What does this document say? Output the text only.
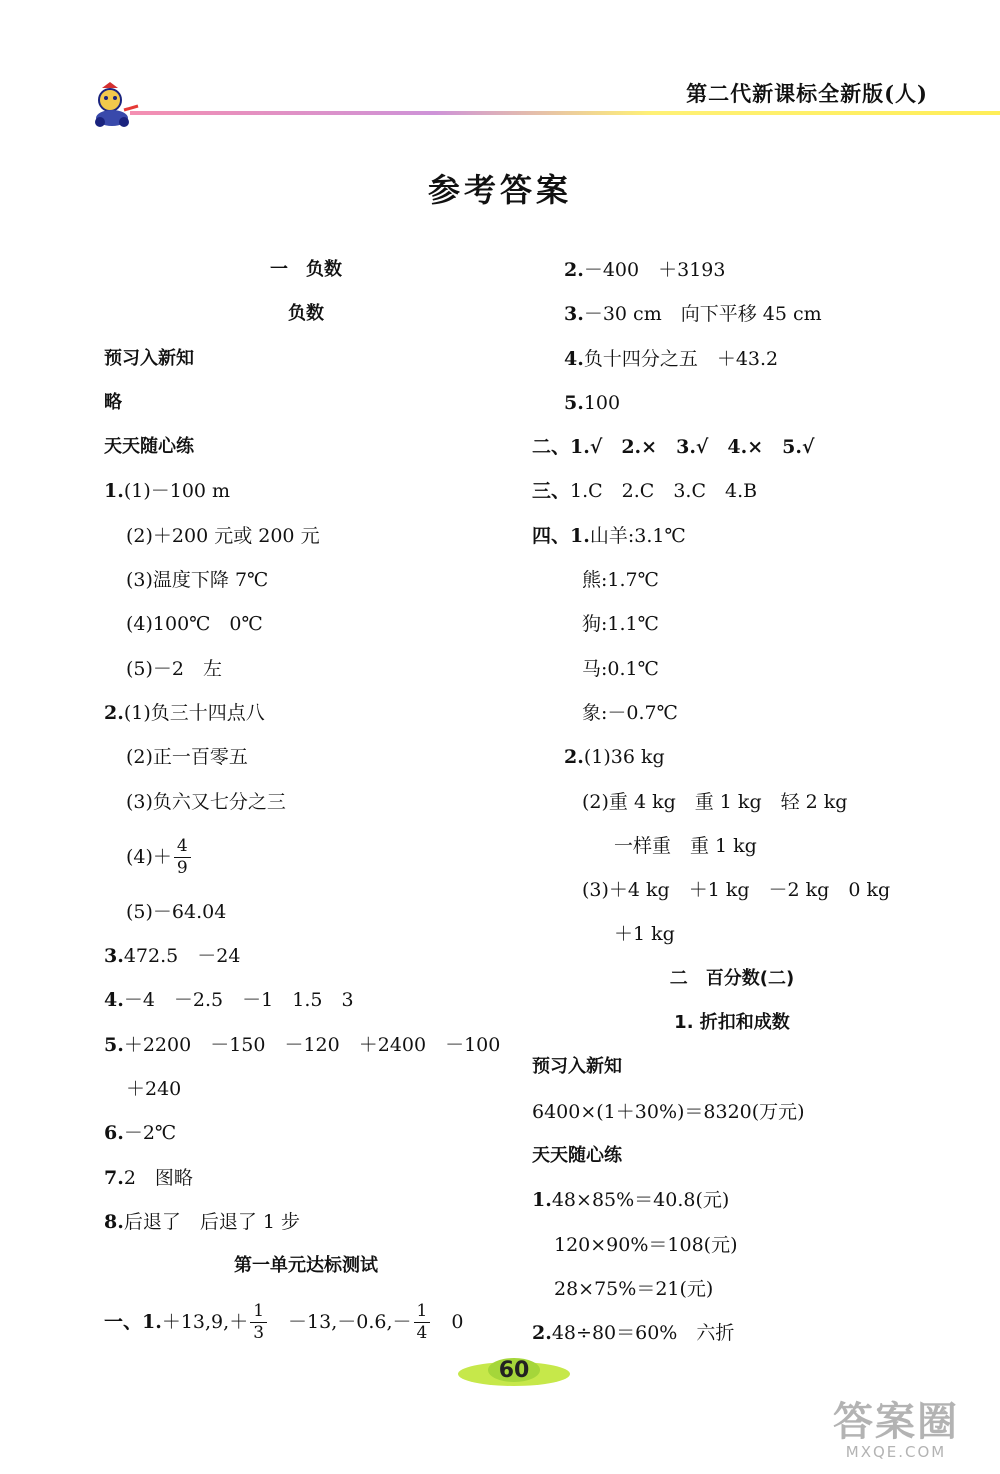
第二代新课标全新版(人)
参考答案
一　负数
负数
预习入新知
略
天天随心练
1.(1)－100 m
(2)＋200 元或 200 元
(3)温度下降 7℃
(4)100℃　0℃
(5)－2　左
2.(1)负三十四点八
(2)正一百零五
(3)负六又七分之三
$(4)+ \frac{4}{9}$
(5)－64.04
3.472.5　－24
4.－4　－2.5　－1　1.5　3
5.＋2200　－150　－120　＋2400　－100
＋240
6.－2℃
7.2　图略
8.后退了　后退了 1 步
第一单元达标测试
一、$1.+13,9,+ \frac{1}{3}$ 　$-13,-0.6,- \frac{1}{4}$ 　0
2.－400　＋3193
3.－30 cm　向下平移 45 cm
4.负十四分之五　＋43.2
5.100
二、1.√　2.×　3.√　4.×　5.√
三、1.C　2.C　3.C　4.B
四、1.山羊:3.1℃
熊:1.7℃
狗:1.1℃
马:0.1℃
象:－0.7℃
2.(1)36 kg
(2)重 4 kg　重 1 kg　轻 2 kg
一样重　重 1 kg
(3)＋4 kg　＋1 kg　－2 kg　0 kg
＋1 kg
二　百分数(二)
1. 折扣和成数
预习入新知
6400×(1＋30%)＝8320(万元)
天天随心练
1.48×85%＝40.8(元)
120×90%＝108(元)
28×75%＝21(元)
2.48÷80＝60%　六折
60
答案圈
MXQE.COM
